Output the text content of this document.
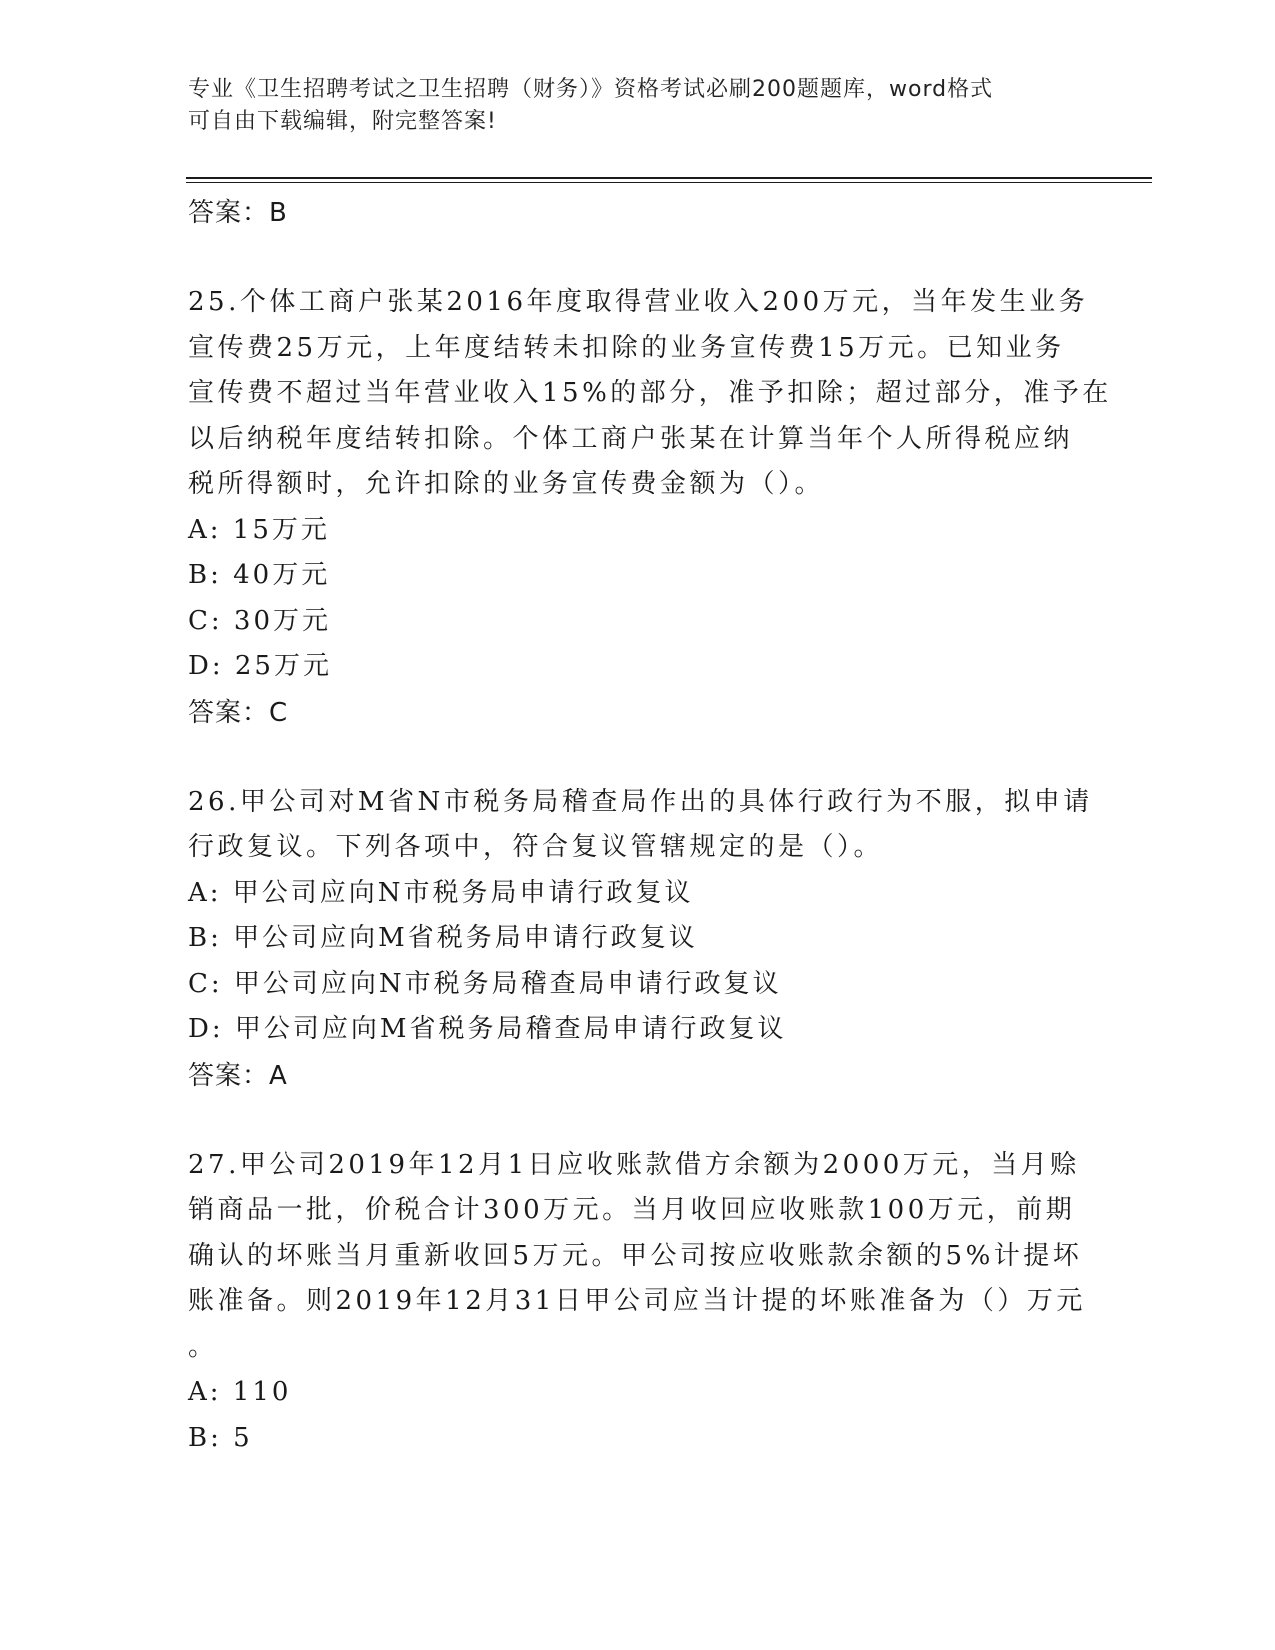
专业《卫生招聘考试之卫生招聘（财务）》资格考试必刷200题题库，word格式
可自由下载编辑，附完整答案!
答案：B
25.个体工商户张某2016年度取得营业收入200万元，当年发生业务
宣传费25万元，上年度结转未扣除的业务宣传费15万元。已知业务
宣传费不超过当年营业收入15%的部分，准予扣除；超过部分，准予在
以后纳税年度结转扣除。个体工商户张某在计算当年个人所得税应纳
税所得额时，允许扣除的业务宣传费金额为（）。
A: 15万元
B: 40万元
C: 30万元
D: 25万元
答案：C
26.甲公司对M省N市税务局稽查局作出的具体行政行为不服，拟申请
行政复议。下列各项中，符合复议管辖规定的是（）。
A: 甲公司应向N市税务局申请行政复议
B: 甲公司应向M省税务局申请行政复议
C: 甲公司应向N市税务局稽查局申请行政复议
D: 甲公司应向M省税务局稽查局申请行政复议
答案：A
27.甲公司2019年12月1日应收账款借方余额为2000万元，当月赊
销商品一批，价税合计300万元。当月收回应收账款100万元，前期
确认的坏账当月重新收回5万元。甲公司按应收账款余额的5%计提坏
账准备。则2019年12月31日甲公司应当计提的坏账准备为（）万元
。
A: 110
B: 5
